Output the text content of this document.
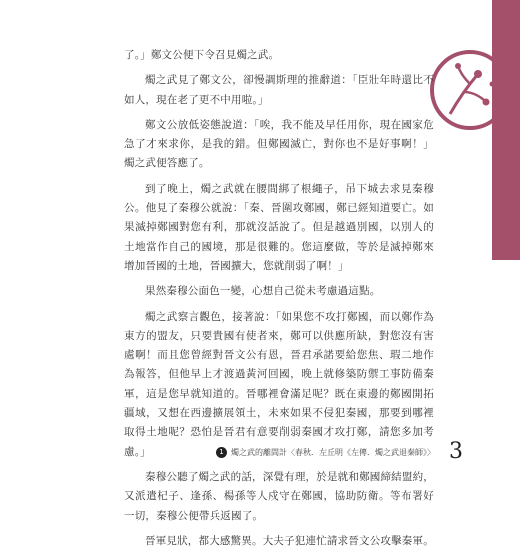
了。」鄭文公便下令召見燭之武。

燭之武見了鄭文公，卻慢調斯理的推辭道：「臣壯年時還比不如人，現在老了更不中用啦。」

鄭文公放低姿態說道：「唉，我不能及早任用你，現在國家危急了才來求你，是我的錯。但鄭國滅亡，對你也不是好事啊！」燭之武便答應了。

到了晚上，燭之武就在腰間綁了根繩子，吊下城去求見秦穆公。他見了秦穆公就說：「秦、晉圍攻鄭國，鄭已經知道要亡。如果滅掉鄭國對您有利，那就沒話說了。但是越過別國，以別人的土地當作自己的國境，那是很難的。您這麼做，等於是滅掉鄭來增加晉國的土地，晉國擴大，您就削弱了啊！」

果然秦穆公面色一變，心想自己從未考慮過這點。

燭之武察言觀色，接著說：「如果您不攻打鄭國，而以鄭作為東方的盟友，只要貴國有使者來，鄭可以供應所缺，對您沒有害處啊！而且您曾經對晉文公有恩，晉君承諾要給您焦、瑕二地作為報答，但他早上才渡過黃河回國，晚上就修築防禦工事防備秦軍，這是您早就知道的。晉哪裡會滿足呢？既在東邊的鄭國開拓疆域，又想在西邊擴展領土，未來如果不侵犯秦國，那要到哪裡取得土地呢？恐怕是晉君有意要削弱秦國才攻打鄭，請您多加考慮。」

秦穆公聽了燭之武的話，深覺有理，於是就和鄭國締結盟約，又派遣杞子、逢孫、楊孫等人戍守在鄭國，協助防衛。等布署好一切，秦穆公便帶兵返國了。

晉軍見狀，都大感驚異。大夫子犯連忙請求晉文公攻擊秦軍。

1 燭之武的離間計〈春秋．左丘明《左傳．燭之武退秦師》〉 3
